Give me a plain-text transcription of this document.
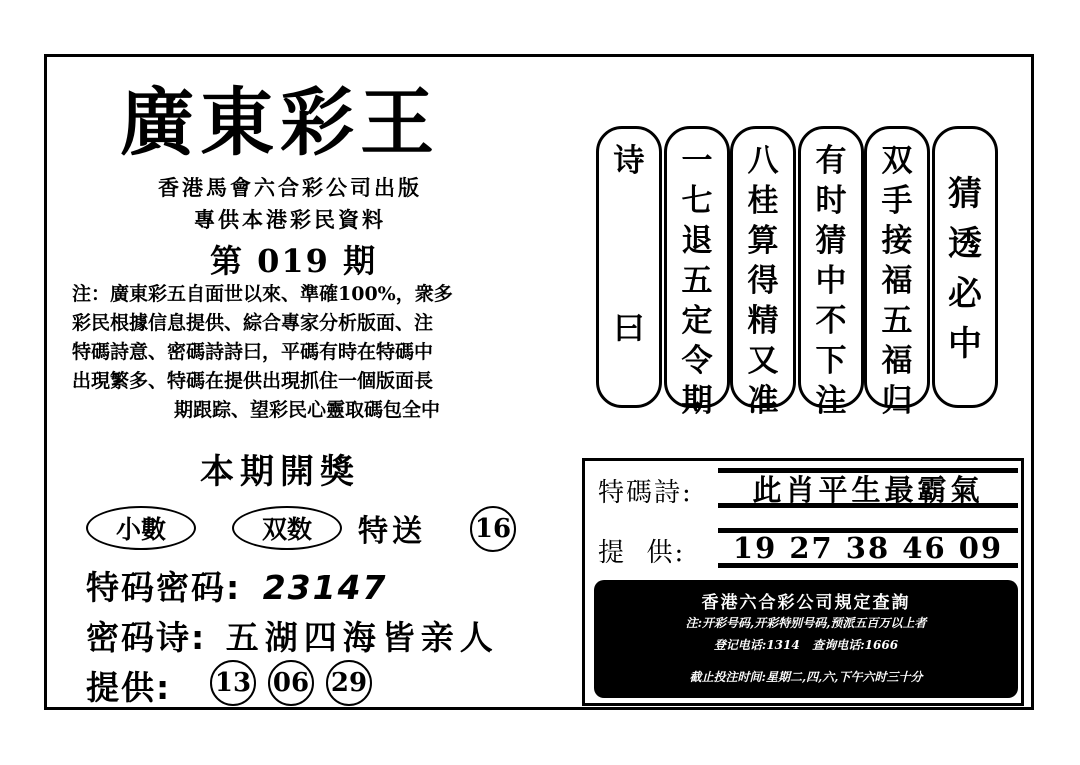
廣東彩王
香港馬會六合彩公司出版
專供本港彩民資料
第 019 期
注：廣東彩五自面世以來、準確100%，衆多
彩民根據信息提供、綜合專家分析版面、注
特碼詩意、密碼詩詩曰，平碼有時在特碼中
出現繁多、特碼在提供出現抓住一個版面長
期跟踪、望彩民心靈取碼包全中
本期開獎
小數	双数	特送 16
特码密码: 23147
密码诗: 五湖四海皆亲人
提供: 13 06 29
诗
曰
一
七
退
五
定
令
期
八
桂
算
得
精
又
准
有
时
猜
中
不
下
注
双
手
接
福
五
福
归
猜
透
必
中
特碼詩:	此肖平生最霸氣
提  供:	19 27 38 46 09
香港六合彩公司規定查詢
注:开彩号码,开彩特别号码,预派五百万以上者
登记电话:1314   查询电话:1666
截止投注时间:星期二,四,六,下午六时三十分
